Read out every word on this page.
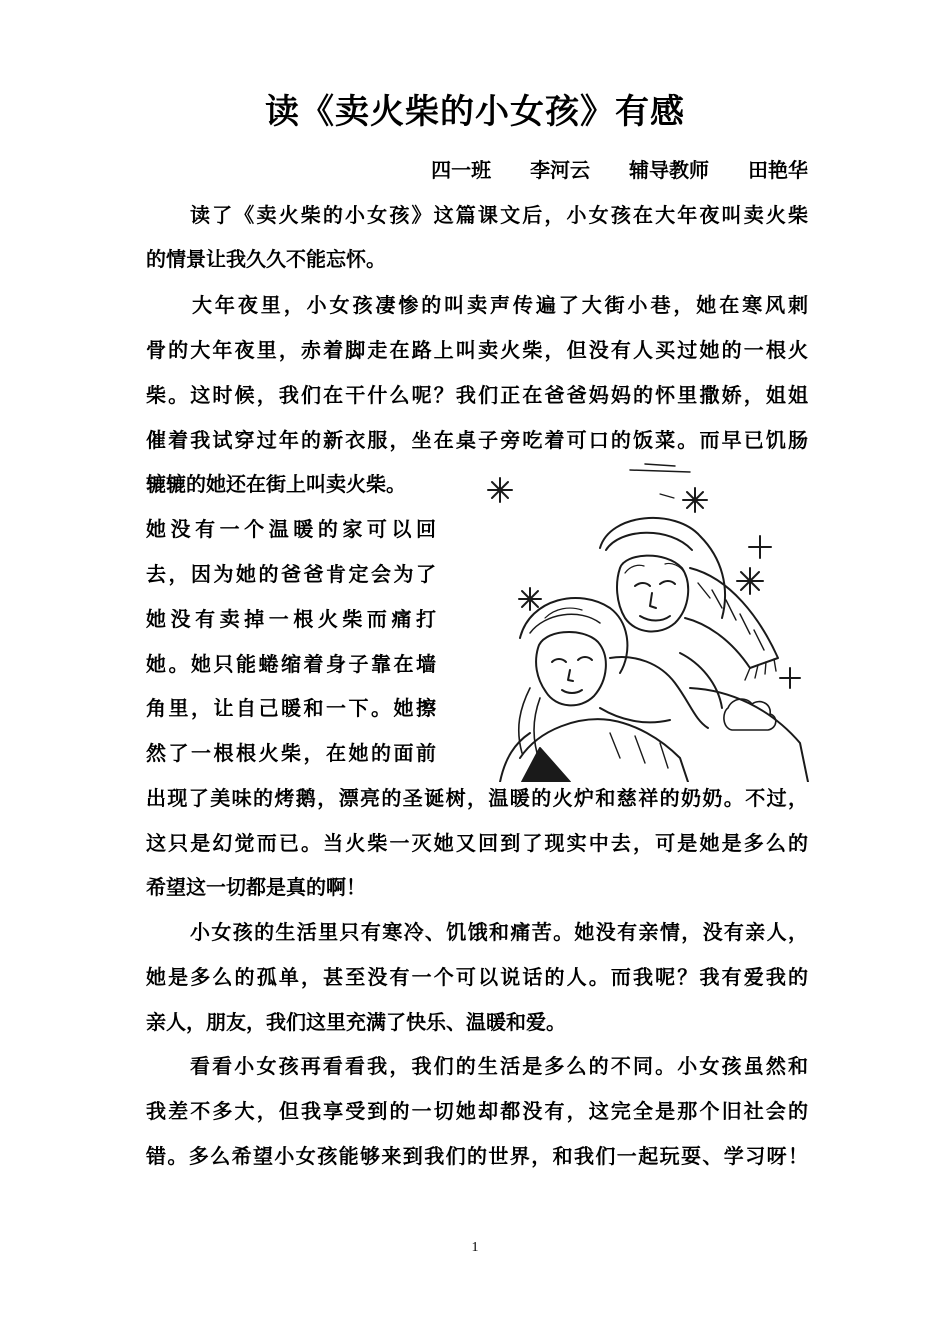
读《卖火柴的小女孩》有感
四一班 李河云 辅导教师 田艳华
读了《卖火柴的小女孩》这篇课文后，小女孩在大年夜叫卖火柴
的情景让我久久不能忘怀。
大年夜里，小女孩凄惨的叫卖声传遍了大街小巷，她在寒风刺
骨的大年夜里，赤着脚走在路上叫卖火柴，但没有人买过她的一根火
柴。这时候，我们在干什么呢？我们正在爸爸妈妈的怀里撒娇，姐姐
催着我试穿过年的新衣服，坐在桌子旁吃着可口的饭菜。而早已饥肠
辘辘的她还在街上叫卖火柴。
她没有一个温暖的家可以回
去，因为她的爸爸肯定会为了
她没有卖掉一根火柴而痛打
她。她只能蜷缩着身子靠在墙
角里，让自己暖和一下。她擦
然了一根根火柴，在她的面前
出现了美味的烤鹅，漂亮的圣诞树，温暖的火炉和慈祥的奶奶。不过，
这只是幻觉而已。当火柴一灭她又回到了现实中去，可是她是多么的
希望这一切都是真的啊！
小女孩的生活里只有寒冷、饥饿和痛苦。她没有亲情，没有亲人，
她是多么的孤单，甚至没有一个可以说话的人。而我呢？我有爱我的
亲人，朋友，我们这里充满了快乐、温暖和爱。
看看小女孩再看看我，我们的生活是多么的不同。小女孩虽然和
我差不多大，但我享受到的一切她却都没有，这完全是那个旧社会的
错。多么希望小女孩能够来到我们的世界，和我们一起玩耍、学习呀！
1
